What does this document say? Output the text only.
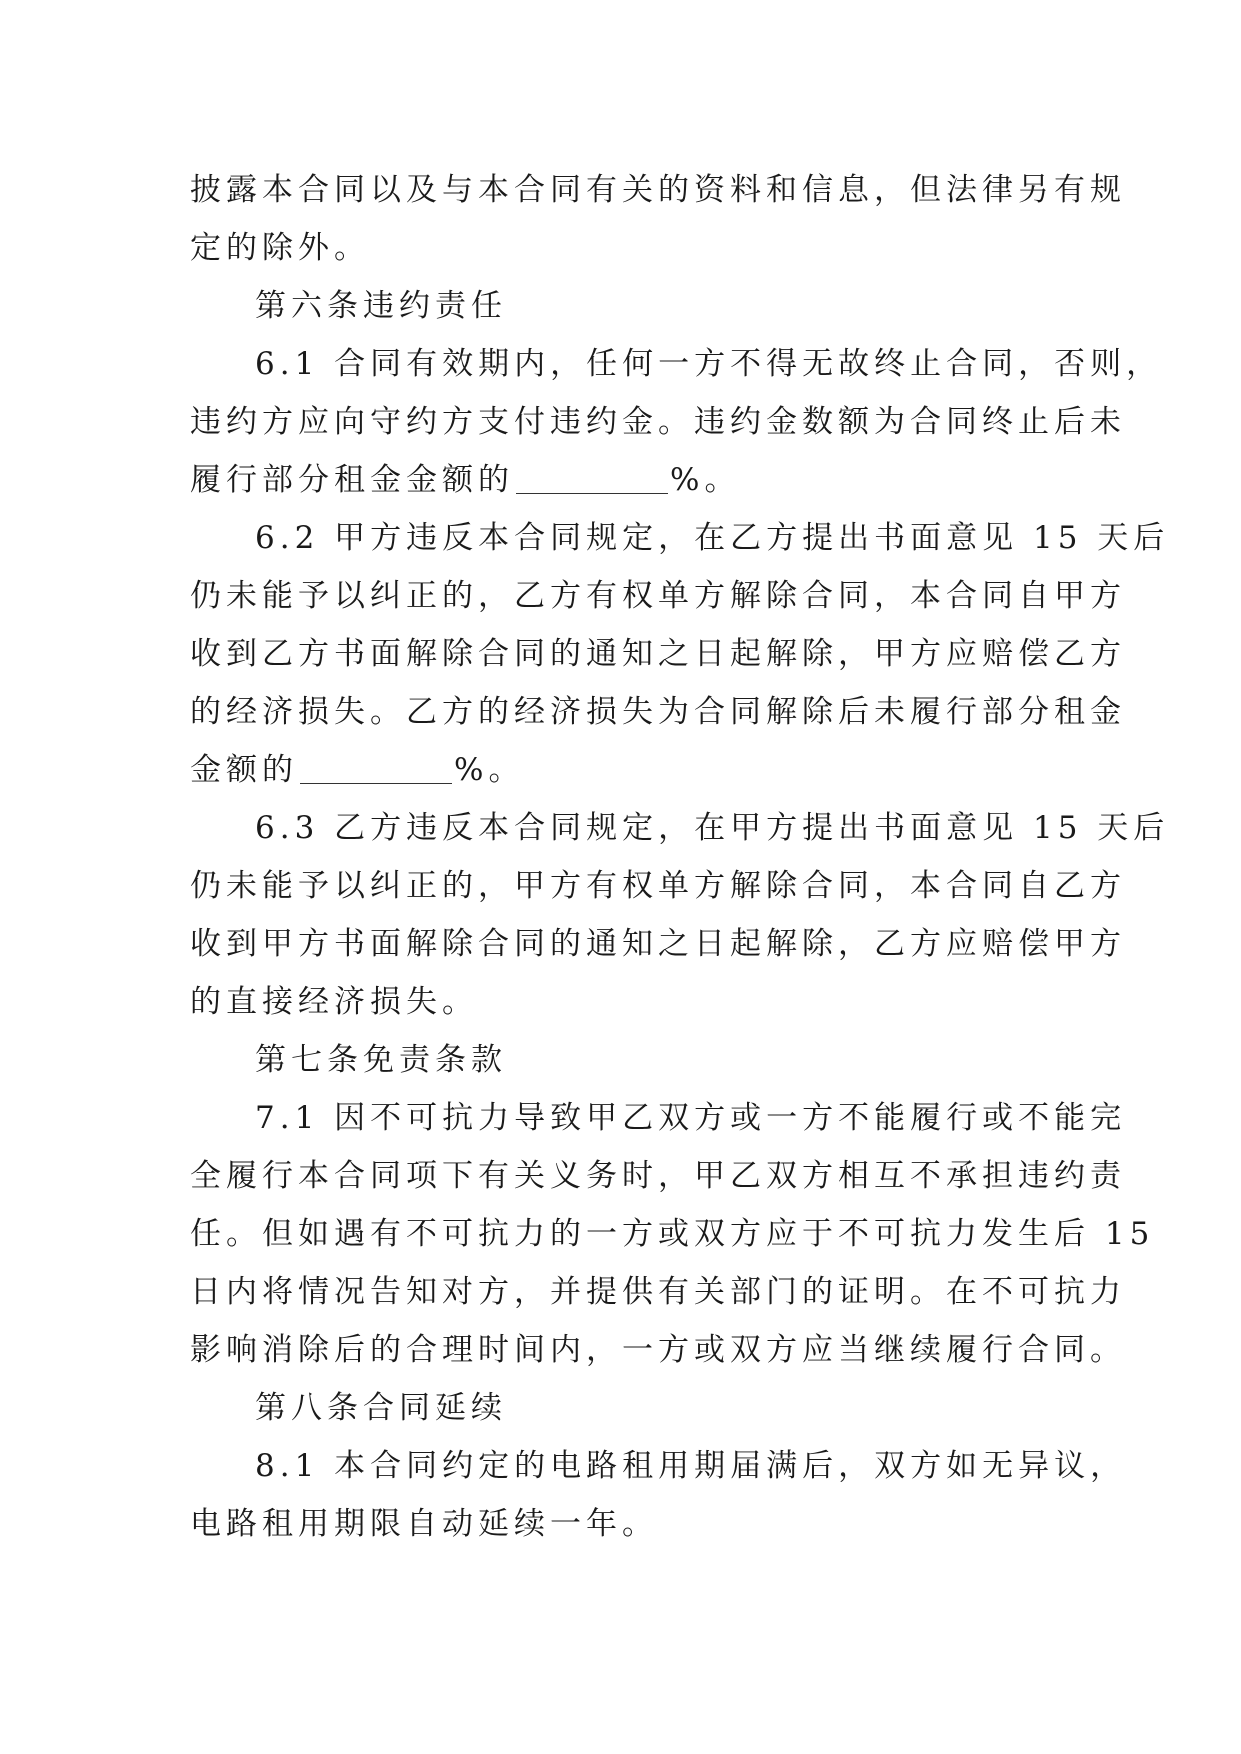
披露本合同以及与本合同有关的资料和信息，但法律另有规
定的除外。
第六条违约责任
6.1 合同有效期内，任何一方不得无故终止合同，否则，
违约方应向守约方支付违约金。违约金数额为合同终止后未
履行部分租金金额的	%。
6.2 甲方违反本合同规定，在乙方提出书面意见 15 天后
仍未能予以纠正的，乙方有权单方解除合同，本合同自甲方
收到乙方书面解除合同的通知之日起解除，甲方应赔偿乙方
的经济损失。乙方的经济损失为合同解除后未履行部分租金
金额的	%。
6.3 乙方违反本合同规定，在甲方提出书面意见 15 天后
仍未能予以纠正的，甲方有权单方解除合同，本合同自乙方
收到甲方书面解除合同的通知之日起解除，乙方应赔偿甲方
的直接经济损失。
第七条免责条款
7.1 因不可抗力导致甲乙双方或一方不能履行或不能完
全履行本合同项下有关义务时，甲乙双方相互不承担违约责
任。但如遇有不可抗力的一方或双方应于不可抗力发生后 15
日内将情况告知对方，并提供有关部门的证明。在不可抗力
影响消除后的合理时间内，一方或双方应当继续履行合同。
第八条合同延续
8.1 本合同约定的电路租用期届满后，双方如无异议，
电路租用期限自动延续一年。
